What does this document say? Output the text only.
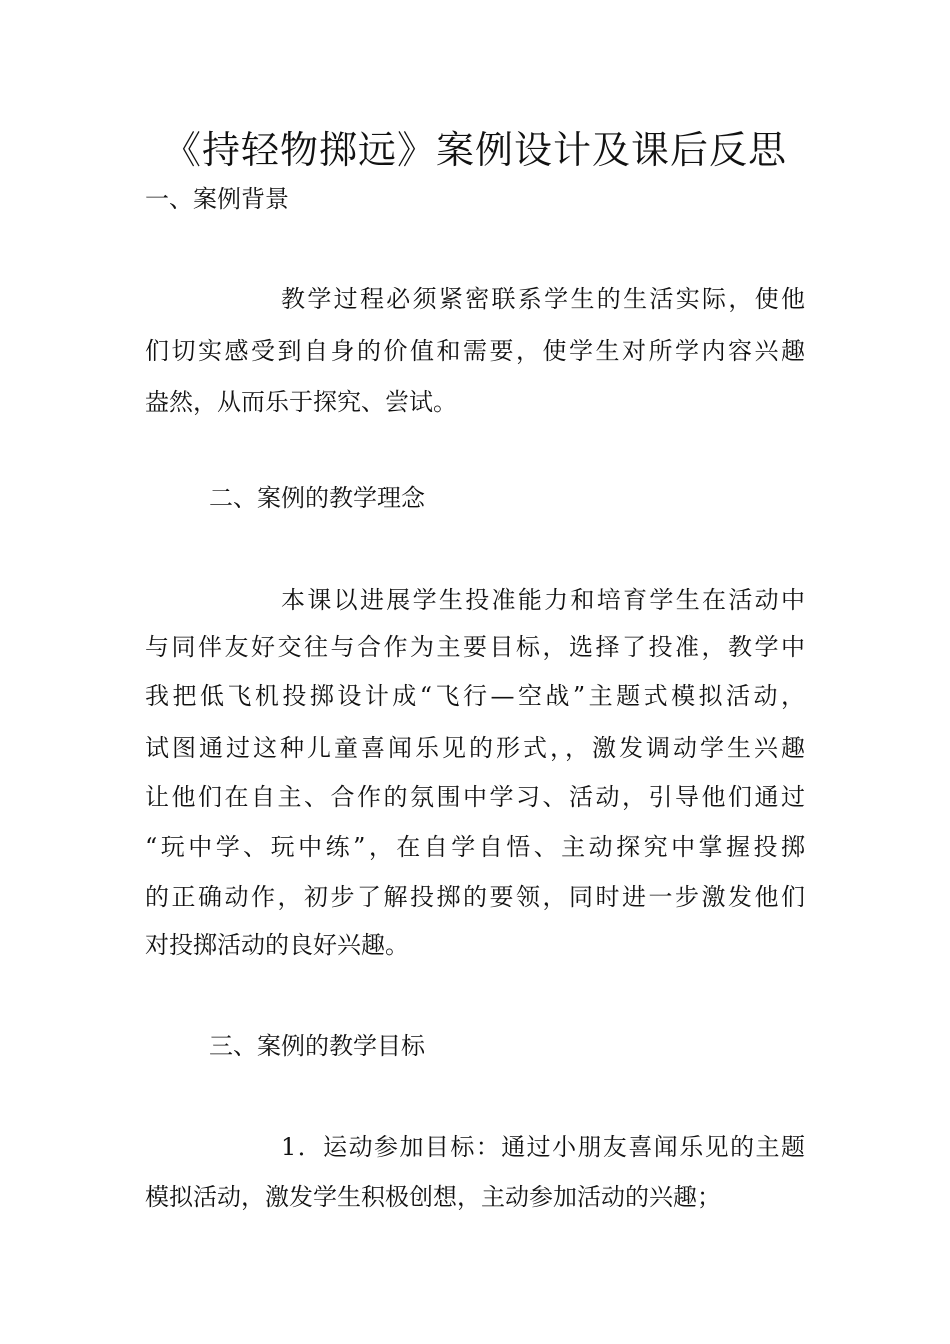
《持轻物掷远》案例设计及课后反思
一、案例背景
教学过程必须紧密联系学生的生活实际，使他
们切实感受到自身的价值和需要，使学生对所学内容兴趣
盎然，从而乐于探究、尝试。
二、案例的教学理念
本课以进展学生投准能力和培育学生在活动中
与同伴友好交往与合作为主要目标，选择了投准，教学中
我把低飞机投掷设计成“飞行—空战”主题式模拟活动，
试图通过这种儿童喜闻乐见的形式，，激发调动学生兴趣
让他们在自主、合作的氛围中学习、活动，引导他们通过
“玩中学、玩中练”，在自学自悟、主动探究中掌握投掷
的正确动作，初步了解投掷的要领，同时进一步激发他们
对投掷活动的良好兴趣。
三、案例的教学目标
1．运动参加目标：通过小朋友喜闻乐见的主题
模拟活动，激发学生积极创想，主动参加活动的兴趣；
